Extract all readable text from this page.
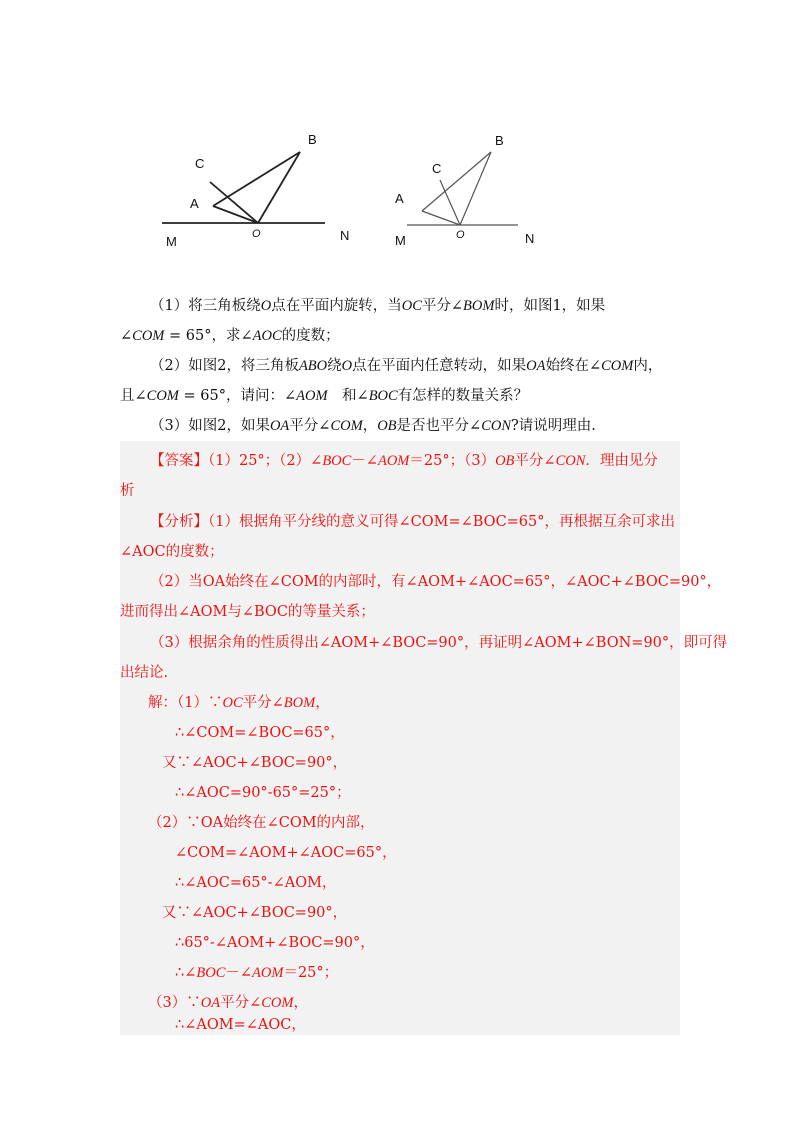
B
C
A
O
M	N
B
C
A
O
M	N
（1）将三角板绕O点在平面内旋转，当OC平分∠BOM时，如图1，如果
∠COM = 65°，求∠AOC的度数；
（2）如图2，将三角板ABO绕O点在平面内任意转动，如果OA始终在∠COM内，
且∠COM = 65°，请问：∠AOM　和∠BOC有怎样的数量关系？
（3）如图2，如果OA平分∠COM，OB是否也平分∠CON?请说明理由.
【答案】（1）25°；（2）∠BOC－∠AOM＝25°；（3）OB平分∠CON．理由见分
析
【分析】（1）根据角平分线的意义可得∠COM=∠BOC=65°，再根据互余可求出
∠AOC的度数；
（2）当OA始终在∠COM的内部时，有∠AOM+∠AOC=65°，∠AOC+∠BOC=90°，
进而得出∠AOM与∠BOC的等量关系；
（3）根据余角的性质得出∠AOM+∠BOC=90°，再证明∠AOM+∠BON=90°，即可得
出结论.
解：（1）∵OC平分∠BOM，
∴∠COM=∠BOC=65°，
又∵∠AOC+∠BOC=90°，
∴∠AOC=90°-65°=25°；
（2）∵OA始终在∠COM的内部，
∠COM=∠AOM+∠AOC=65°，
∴∠AOC=65°-∠AOM，
又∵∠AOC+∠BOC=90°，
∴65°-∠AOM+∠BOC=90°，
∴∠BOC－∠AOM＝25°；
（3）∵OA平分∠COM，
∴∠AOM=∠AOC，
